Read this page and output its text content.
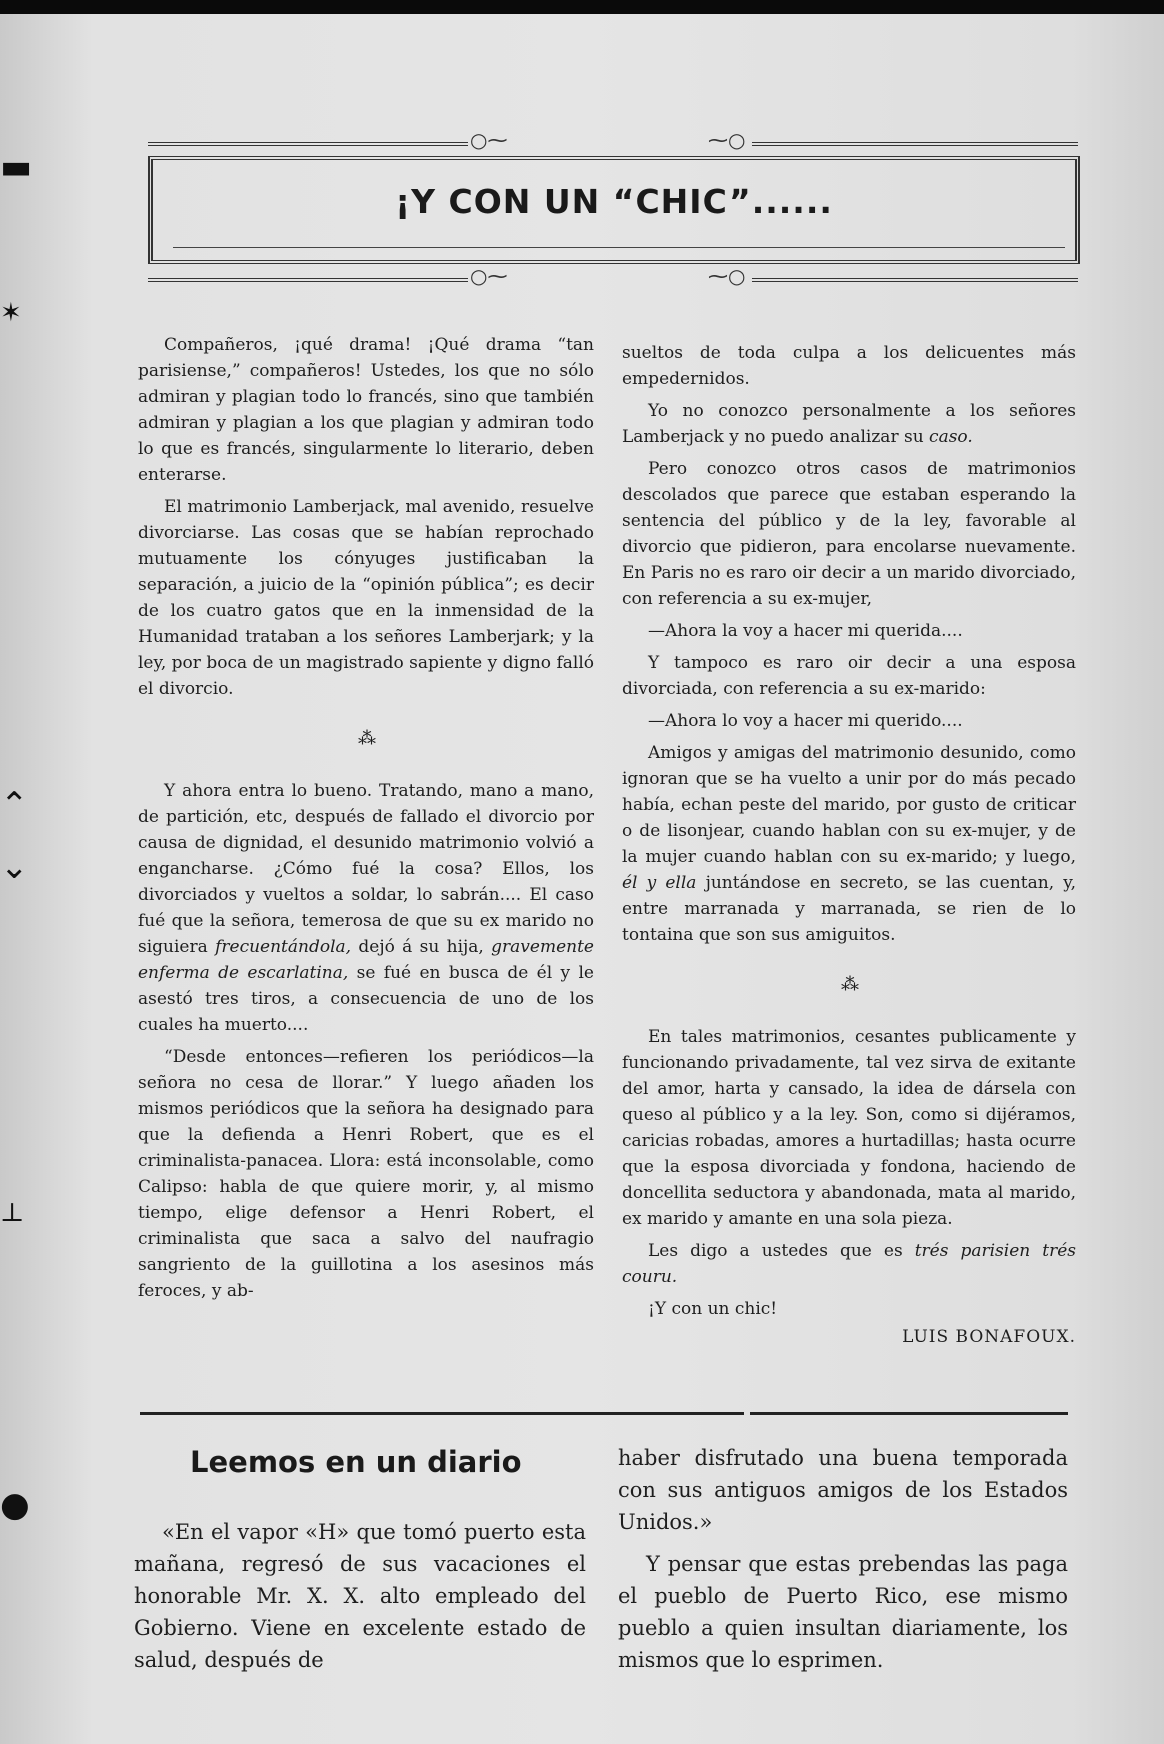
▬
✶
⌃
⌄
⊥
●
○⁓	⁓○
¡Y CON UN “CHIC”......
○⁓	⁓○

Compañeros, ¡qué drama! ¡Qué drama “tan parisiense,” compañeros! Ustedes, los que no sólo admiran y plagian todo lo francés, sino que también admiran y plagian a los que plagian y admiran todo lo que es francés, singularmente lo literario, deben enterarse.

El matrimonio Lamberjack, mal avenido, resuelve divorciarse. Las cosas que se habían reprochado mutuamente los cónyuges justificaban la separación, a juicio de la “opinión pública”; es decir de los cuatro gatos que en la inmensidad de la Humanidad trataban a los señores Lamberjark; y la ley, por boca de un magistrado sapiente y digno falló el divorcio.

⁂

Y ahora entra lo bueno. Tratando, mano a mano, de partición, etc, después de fallado el divorcio por causa de dignidad, el desunido matrimonio volvió a engancharse. ¿Cómo fué la cosa? Ellos, los divorciados y vueltos a soldar, lo sabrán.... El caso fué que la señora, temerosa de que su ex marido no siguiera frecuentándola, dejó á su hija, gravemente enferma de escarlatina, se fué en busca de él y le asestó tres tiros, a consecuencia de uno de los cuales ha muerto....

“Desde entonces—refieren los periódicos—la señora no cesa de llorar.” Y luego añaden los mismos periódicos que la señora ha designado para que la defienda a Henri Robert, que es el criminalista-panacea. Llora: está inconsolable, como Calipso: habla de que quiere morir, y, al mismo tiempo, elige defensor a Henri Robert, el criminalista que saca a salvo del naufragio sangriento de la guillotina a los asesinos más feroces, y ab-

sueltos de toda culpa a los delicuentes más empedernidos.

Yo no conozco personalmente a los señores Lamberjack y no puedo analizar su caso.

Pero conozco otros casos de matrimonios descolados que parece que estaban esperando la sentencia del público y de la ley, favorable al divorcio que pidieron, para encolarse nuevamente. En Paris no es raro oir decir a un marido divorciado, con referencia a su ex-mujer,

—Ahora la voy a hacer mi querida....

Y tampoco es raro oir decir a una esposa divorciada, con referencia a su ex-marido:

—Ahora lo voy a hacer mi querido....

Amigos y amigas del matrimonio desunido, como ignoran que se ha vuelto a unir por do más pecado había, echan peste del marido, por gusto de criticar o de lisonjear, cuando hablan con su ex-mujer, y de la mujer cuando hablan con su ex-marido; y luego, él y ella juntándose en secreto, se las cuentan, y, entre marranada y marranada, se rien de lo tontaina que son sus amiguitos.

⁂

En tales matrimonios, cesantes publicamente y funcionando privadamente, tal vez sirva de exitante del amor, harta y cansado, la idea de dársela con queso al público y a la ley. Son, como si dijéramos, caricias robadas, amores a hurtadillas; hasta ocurre que la esposa divorciada y fondona, haciendo de doncellita seductora y abandonada, mata al marido, ex marido y amante en una sola pieza.

Les digo a ustedes que es trés parisien trés couru.

¡Y con un chic!

LUIS BONAFOUX.
Leemos en un diario

«En el vapor «H» que tomó puerto esta mañana, regresó de sus vacaciones el honorable Mr. X. X. alto empleado del Gobierno. Viene en excelente estado de salud, después de

haber disfrutado una buena temporada con sus antiguos amigos de los Estados Unidos.»

Y pensar que estas prebendas las paga el pueblo de Puerto Rico, ese mismo pueblo a quien insultan diariamente, los mismos que lo esprimen.
